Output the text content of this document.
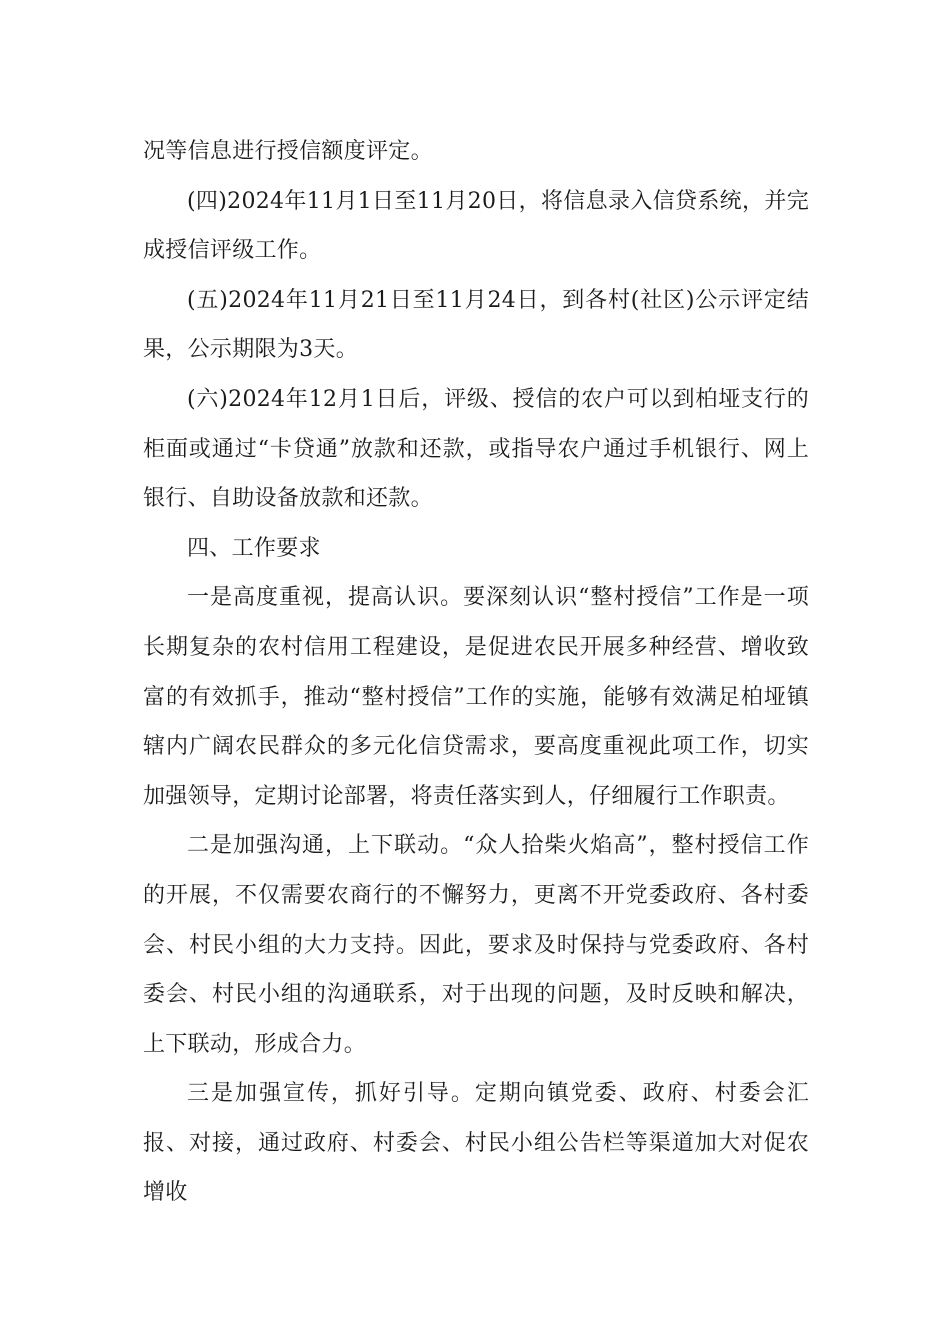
况等信息进行授信额度评定。

(四)2024年11月1日至11月20日，将信息录入信贷系统，并完成授信评级工作。

(五)2024年11月21日至11月24日，到各村(社区)公示评定结果，公示期限为3天。

(六)2024年12月1日后，评级、授信的农户可以到柏垭支行的柜面或通过“卡贷通”放款和还款，或指导农户通过手机银行、网上银行、自助设备放款和还款。

四、工作要求

一是高度重视，提高认识。要深刻认识“整村授信”工作是一项长期复杂的农村信用工程建设，是促进农民开展多种经营、增收致富的有效抓手，推动“整村授信”工作的实施，能够有效满足柏垭镇辖内广阔农民群众的多元化信贷需求，要高度重视此项工作，切实加强领导，定期讨论部署，将责任落实到人，仔细履行工作职责。

二是加强沟通，上下联动。“众人拾柴火焰高”，整村授信工作的开展，不仅需要农商行的不懈努力，更离不开党委政府、各村委会、村民小组的大力支持。因此，要求及时保持与党委政府、各村委会、村民小组的沟通联系，对于出现的问题，及时反映和解决，上下联动，形成合力。

三是加强宣传，抓好引导。定期向镇党委、政府、村委会汇报、对接，通过政府、村委会、村民小组公告栏等渠道加大对促农增收
